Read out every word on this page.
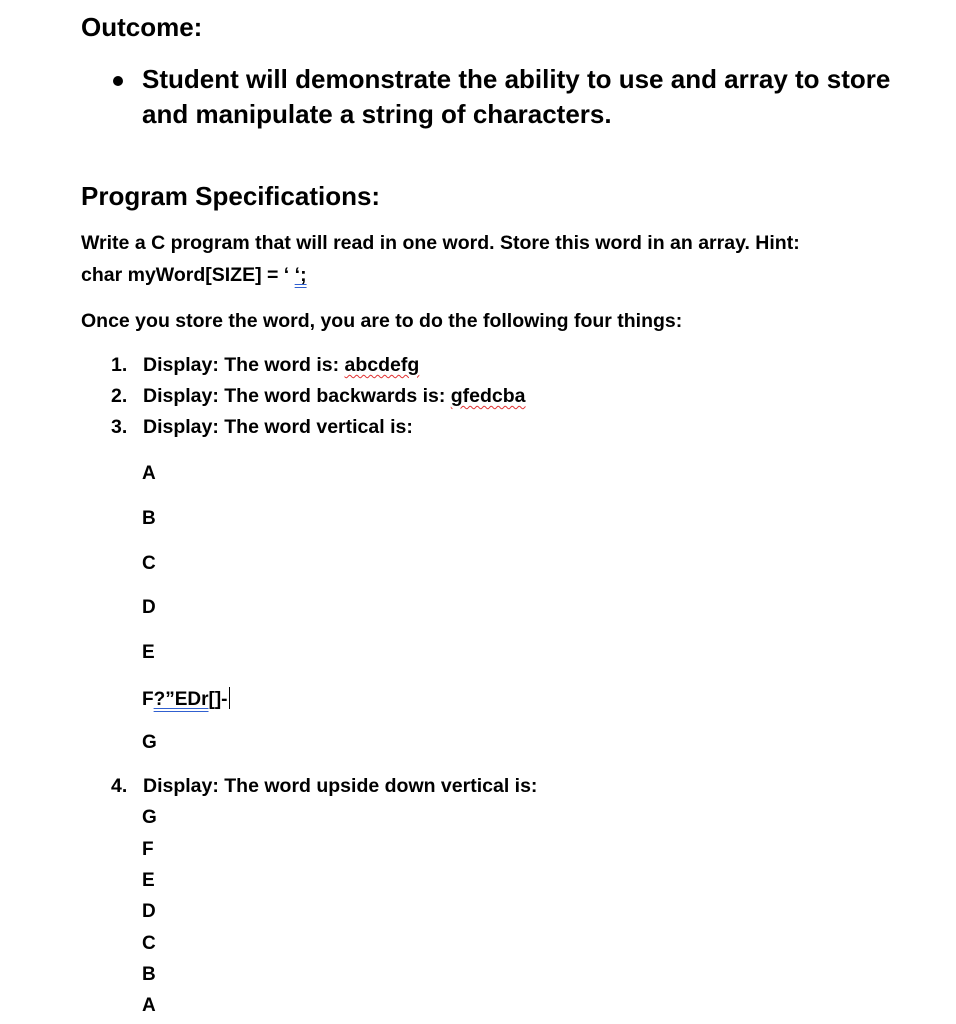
Outcome:
Student will demonstrate the ability to use and array to store and manipulate a string of characters.
Program Specifications:
Write a C program that will read in one word. Store this word in an array. Hint:
char myWord[SIZE] = ‘ ‘;
Once you store the word, you are to do the following four things:
1. Display: The word is: abcdefg
2. Display: The word backwards is: gfedcba
3. Display: The word vertical is:
A
B
C
D
E
F?”EDr[]-
G
4. Display: The word upside down vertical is:
G
F
E
D
C
B
A
